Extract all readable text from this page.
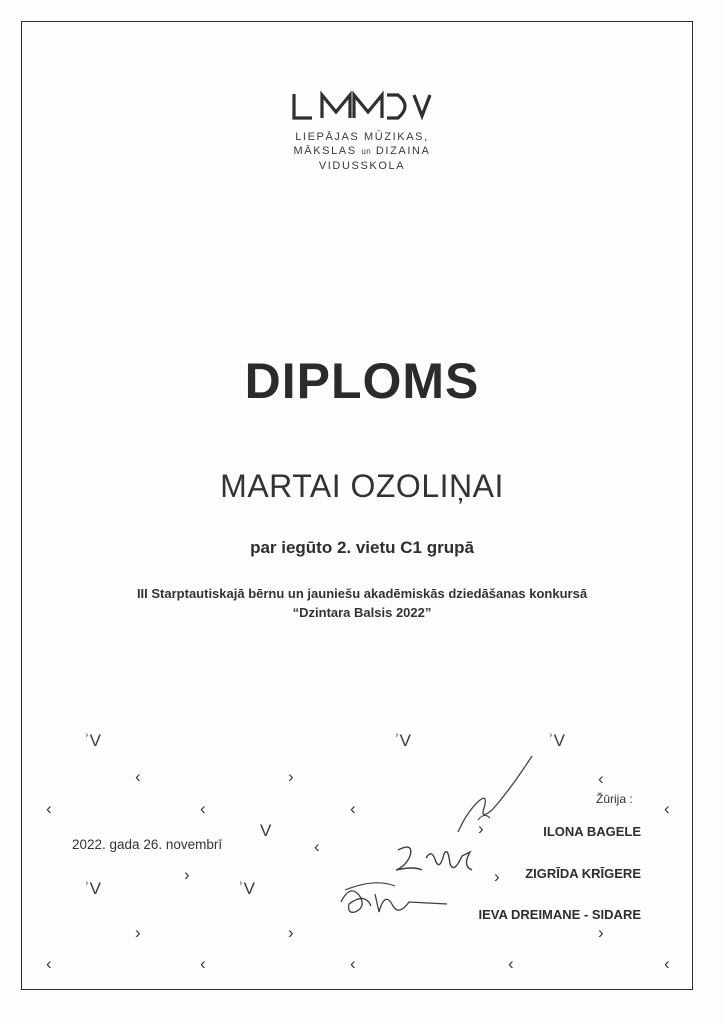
LIEPĀJAS MŪZIKAS,
MĀKSLAS un DIZAINA
VIDUSSKOLA
DIPLOMS
MARTAI OZOLIŅAI
par iegūto 2. vietu C1 grupā
III Starptautiskajā bērnu un jauniešu akadēmiskās dziedāšanas konkursā
“Dzintara Balsis 2022”
2022. gada 26. novembrī
Žūrija :
ILONA BAGELE
ZIGRĪDA KRĪGERE
IEVA DREIMANE - SIDARE
ʾV	ʾV	ʾV
‹	›	‹
‹	‹	‹	‹
V
‹
›
›	›
ʾV	ʾV
›	›	›
‹	‹	‹	‹	‹
